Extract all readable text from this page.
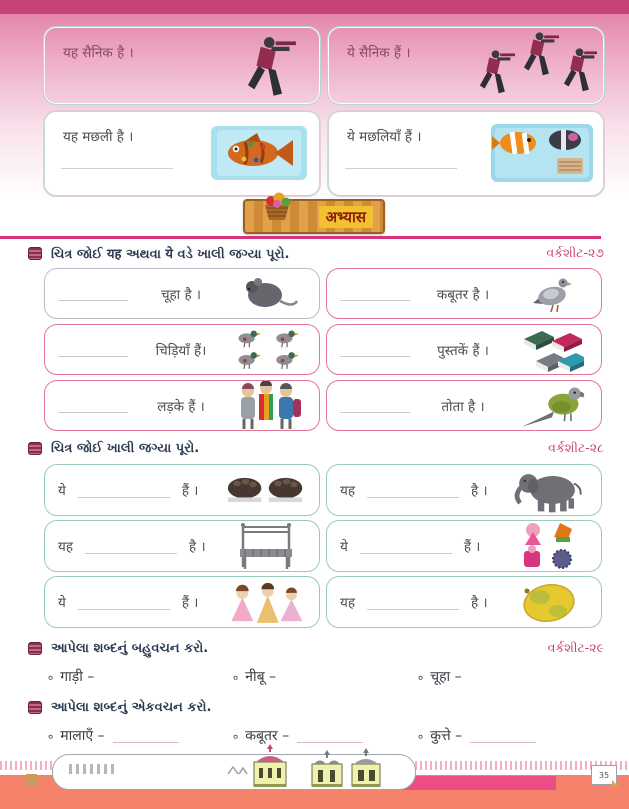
यह सैनिक है ।	ये सैनिक हैं ।
यह मछली है ।	ये मछलियाँ हैं ।
अभ्यास
ચિત્ર જોઈ यह અથવા ये વડે ખાલી જગ્યા પૂરો.	વર્કશીટ-૨૭
चूहा है ।	कबूतर है ।
चिड़ियाँ हैं।	पुस्तकें हैं ।
लड़के हैं ।	तोता है ।
ચિત્ર જોઈ ખાલી જગ્યા પૂરો.	વર્કશીટ-૨૮
ये	हैं ।	यह	है ।
यह	है ।	ये	हैं ।
ये	हैं ।	यह	है ।
આપેલા શબ્દનું બહુવચન કરો.	વર્કશીટ-૨૯
० गाड़ी –	० नीबू –	० चूहा –
આપેલા શબ્દનું એકવચન કરો.
० मालाएँ –	० कबूतर –	० कुत्ते –
35
